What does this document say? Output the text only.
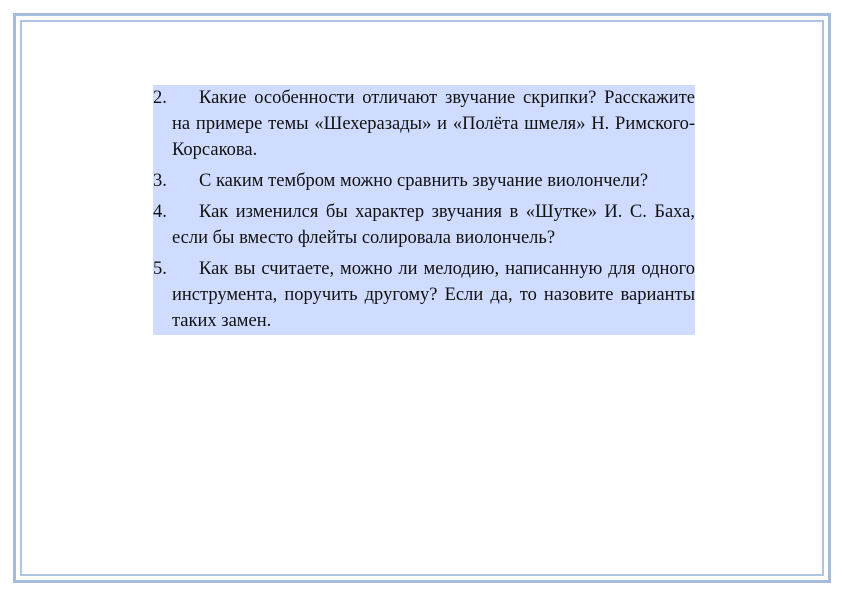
2.	Какие особенности отличают звучание скрипки? Расскажите на примере темы «Шехеразады» и «Полёта шмеля» Н. Римского-Корсакова.
3.	С каким тембром можно сравнить звучание виолончели?
4.	Как изменился бы характер звучания в «Шутке» И. С. Баха, если бы вместо флейты солировала виолончель?
5.	Как вы считаете, можно ли мелодию, написанную для одного инструмента, поручить другому? Если да, то назовите варианты таких замен.
